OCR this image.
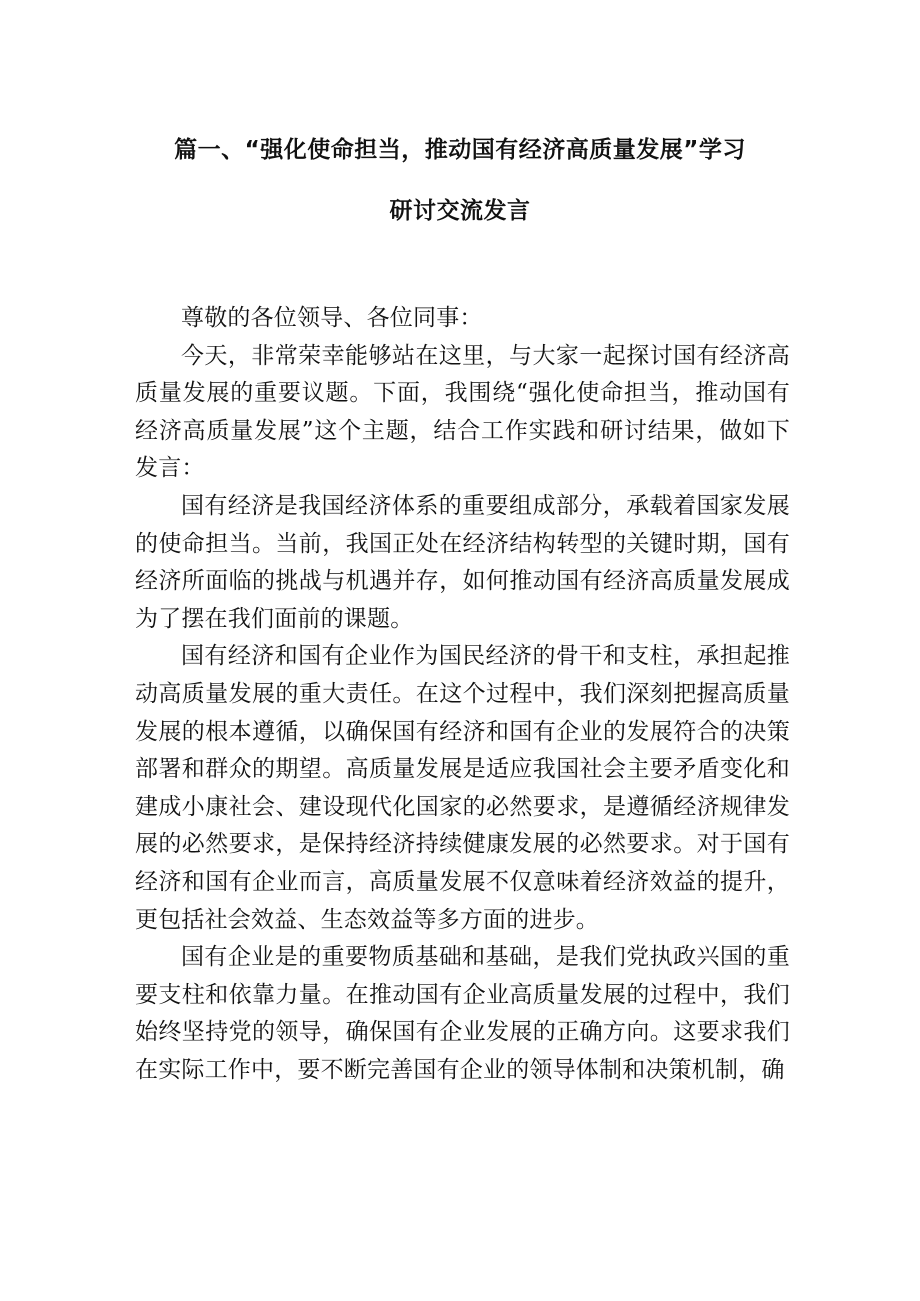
篇一、“强化使命担当，推动国有经济高质量发展”学习
研讨交流发言

尊敬的各位领导、各位同事：

今天，非常荣幸能够站在这里，与大家一起探讨国有经济高质量发展的重要议题。下面，我围绕“强化使命担当，推动国有经济高质量发展”这个主题，结合工作实践和研讨结果，做如下发言：

国有经济是我国经济体系的重要组成部分，承载着国家发展的使命担当。当前，我国正处在经济结构转型的关键时期，国有经济所面临的挑战与机遇并存，如何推动国有经济高质量发展成为了摆在我们面前的课题。

国有经济和国有企业作为国民经济的骨干和支柱，承担起推动高质量发展的重大责任。在这个过程中，我们深刻把握高质量发展的根本遵循，以确保国有经济和国有企业的发展符合的决策部署和群众的期望。高质量发展是适应我国社会主要矛盾变化和建成小康社会、建设现代化国家的必然要求，是遵循经济规律发展的必然要求，是保持经济持续健康发展的必然要求。对于国有经济和国有企业而言，高质量发展不仅意味着经济效益的提升，更包括社会效益、生态效益等多方面的进步。

国有企业是的重要物质基础和基础，是我们党执政兴国的重要支柱和依靠力量。在推动国有企业高质量发展的过程中，我们始终坚持党的领导，确保国有企业发展的正确方向。这要求我们在实际工作中，要不断完善国有企业的领导体制和决策机制，确
